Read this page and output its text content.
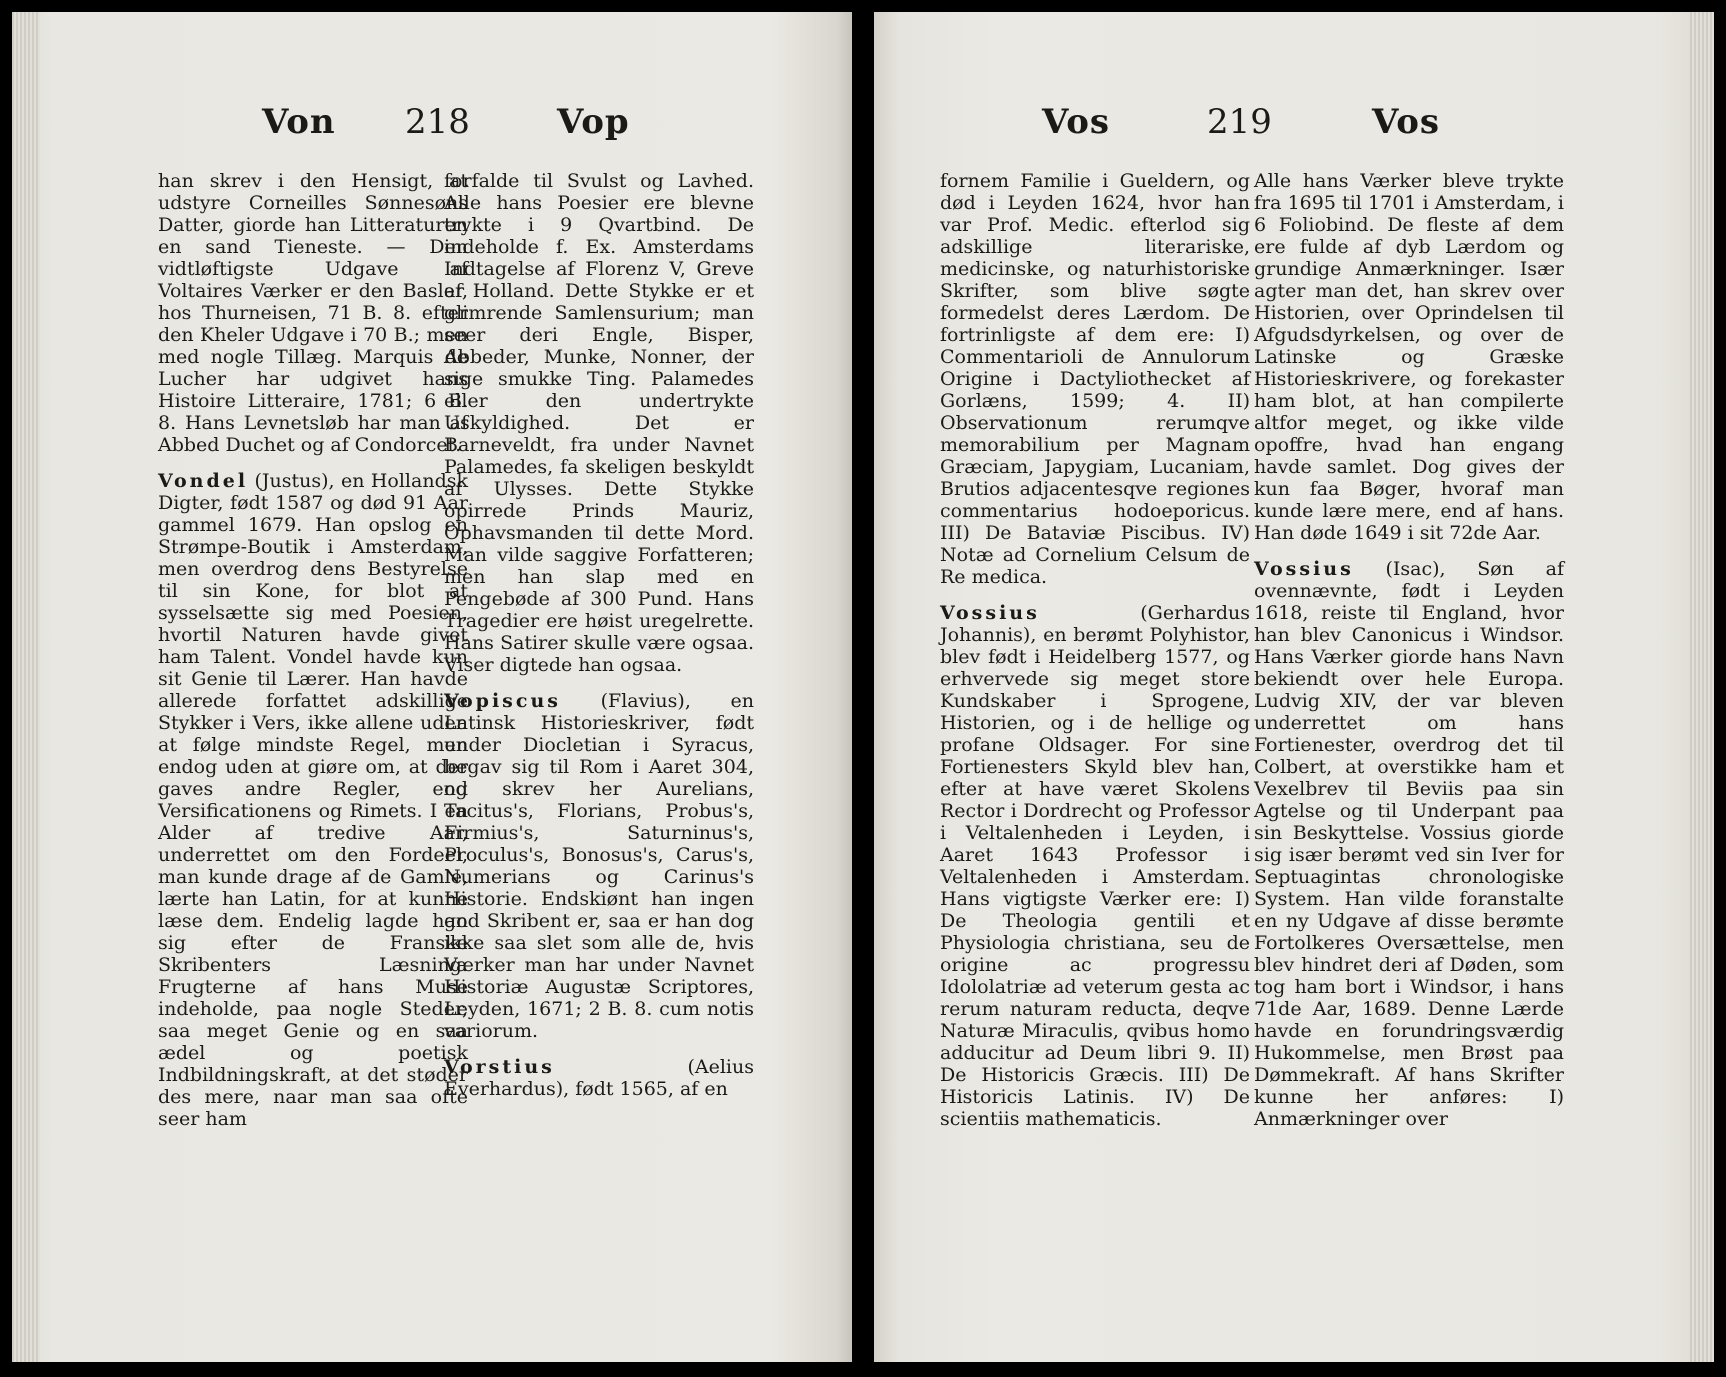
Von 218	Vop

han skrev i den Hensigt, at udstyre Corneilles Sønnesøns Datter, giorde han Litteraturen en sand Tieneste. — Den vidtløftigste Udgave af Voltaires Værker er den Basler, hos Thurneisen, 71 B. 8. efter den Kheler Udgave i 70 B.; men med nogle Tillæg. Marquis de Lucher har udgivet hans Histoire Litteraire, 1781; 6 B. 8. Hans Levnetsløb har man af Abbed Duchet og af Condorcet.

Vondel (Justus), en Hollandsk Digter, født 1587 og død 91 Aar gammel 1679. Han opslog en Strømpe-Boutik i Amsterdam, men overdrog dens Bestyrelse til sin Kone, for blot at sysselsætte sig med Poesien, hvortil Naturen havde givet ham Talent. Vondel havde kun sit Genie til Lærer. Han havde allerede forfattet adskillige Stykker i Vers, ikke allene uden at følge mindste Regel, men endog uden at giøre om, at der gaves andre Regler, end Versificationens og Rimets. I en Alder af tredive Aar, underrettet om den Fordeel, man kunde drage af de Gamle, lærte han Latin, for at kunne læse dem. Endelig lagde han sig efter de Franske Skribenters Læsning. Frugterne af hans Muse indeholde, paa nogle Steder, saa meget Genie og en saa ædel og poetisk Indbildningskraft, at det støder des mere, naar man saa ofte seer ham

forfalde til Svulst og Lavhed. Alle hans Poesier ere blevne trykte i 9 Qvartbind. De indeholde f. Ex. Amsterdams Indtagelse af Florenz V, Greve af Holland. Dette Stykke er et glimrende Samlensurium; man seer deri Engle, Bisper, Abbeder, Munke, Nonner, der sige smukke Ting. Palamedes eller den undertrykte Uskyldighed. Det er Barneveldt, fra under Navnet Palamedes, fa skeligen beskyldt af Ulysses. Dette Stykke opirrede Prinds Mauriz, Ophavsmanden til dette Mord. Man vilde saggive Forfatteren; men han slap med en Pengebøde af 300 Pund. Hans Tragedier ere høist uregelrette. Hans Satirer skulle være ogsaa. Viser digtede han ogsaa.

Vopiscus (Flavius), en Latinsk Historieskriver, født under Diocletian i Syracus, begav sig til Rom i Aaret 304, og skrev her Aurelians, Tacitus's, Florians, Probus's, Firmius's, Saturninus's, Proculus's, Bonosus's, Carus's, Numerians og Carinus's Historie. Endskiønt han ingen god Skribent er, saa er han dog ikke saa slet som alle de, hvis Værker man har under Navnet Historiæ Augustæ Scriptores, Leyden, 1671; 2 B. 8. cum notis variorum.

Vorstius (Aelius Everhardus), født 1565, af en

Vos	219	Vos

fornem Familie i Gueldern, og død i Leyden 1624, hvor han var Prof. Medic. efterlod sig adskillige literariske, medicinske, og naturhistoriske Skrifter, som blive søgte formedelst deres Lærdom. De fortrinligste af dem ere: I) Commentarioli de Annulorum Origine i Dactyliothecket af Gorlæns, 1599; 4. II) Observationum rerumqve memorabilium per Magnam Græciam, Japygiam, Lucaniam, Brutios adjacentesqve regiones commentarius hodoeporicus. III) De Bataviæ Piscibus. IV) Notæ ad Cornelium Celsum de Re medica.

Vossius (Gerhardus Johannis), en berømt Polyhistor, blev født i Heidelberg 1577, og erhvervede sig meget store Kundskaber i Sprogene, Historien, og i de hellige og profane Oldsager. For sine Fortienesters Skyld blev han, efter at have været Skolens Rector i Dordrecht og Professor i Veltalenheden i Leyden, i Aaret 1643 Professor i Veltalenheden i Amsterdam. Hans vigtigste Værker ere: I) De Theologia gentili et Physiologia christiana, seu de origine ac progressu Idololatriæ ad veterum gesta ac rerum naturam reducta, deqve Naturæ Miraculis, qvibus homo adducitur ad Deum libri 9. II) De Historicis Græcis. III) De Historicis Latinis. IV) De scientiis mathematicis.

Alle hans Værker bleve trykte fra 1695 til 1701 i Amsterdam, i 6 Foliobind. De fleste af dem ere fulde af dyb Lærdom og grundige Anmærkninger. Især agter man det, han skrev over Historien, over Oprindelsen til Afgudsdyrkelsen, og over de Latinske og Græske Historieskrivere, og forekaster ham blot, at han compilerte altfor meget, og ikke vilde opoffre, hvad han engang havde samlet. Dog gives der kun faa Bøger, hvoraf man kunde lære mere, end af hans. Han døde 1649 i sit 72de Aar.

Vossius (Isac), Søn af ovennævnte, født i Leyden 1618, reiste til England, hvor han blev Canonicus i Windsor. Hans Værker giorde hans Navn bekiendt over hele Europa. Ludvig XIV, der var bleven underrettet om hans Fortienester, overdrog det til Colbert, at overstikke ham et Vexelbrev til Beviis paa sin Agtelse og til Underpant paa sin Beskyttelse. Vossius giorde sig især berømt ved sin Iver for Septuagintas chronologiske System. Han vilde foranstalte en ny Udgave af disse berømte Fortolkeres Oversættelse, men blev hindret deri af Døden, som tog ham bort i Windsor, i hans 71de Aar, 1689. Denne Lærde havde en forundringsværdig Hukommelse, men Brøst paa Dømmekraft. Af hans Skrifter kunne her anføres: I) Anmærkninger over
